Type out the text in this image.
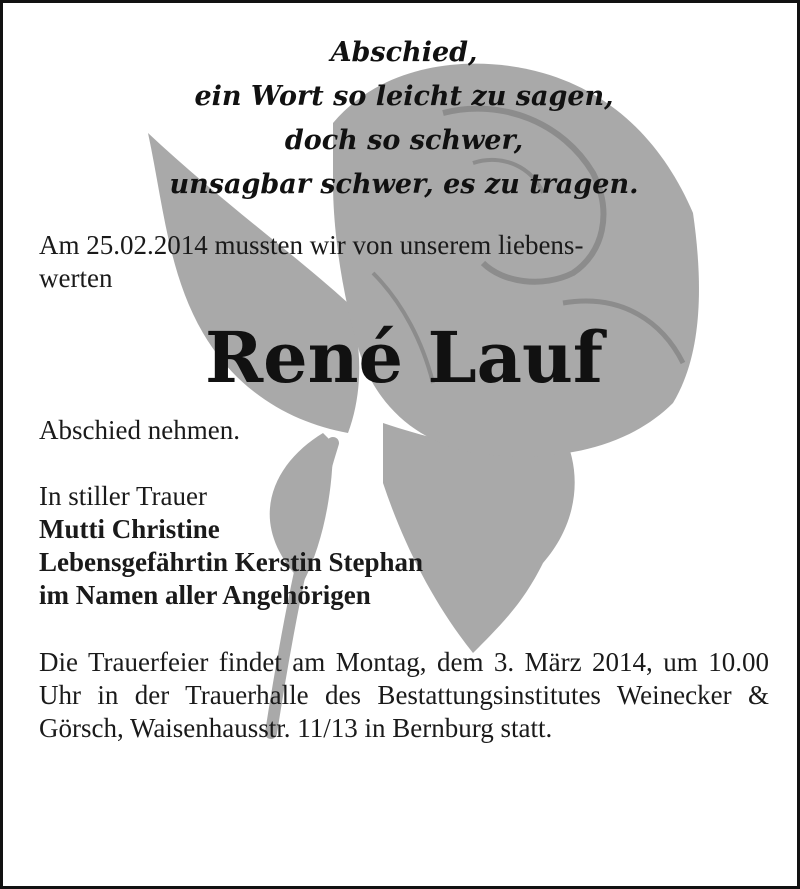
Abschied,
ein Wort so leicht zu sagen,
doch so schwer,
unsagbar schwer, es zu tragen.
Am 25.02.2014 mussten wir von unserem liebens-
werten
René Lauf
Abschied nehmen.
In stiller Trauer
Mutti Christine
Lebensgefährtin Kerstin Stephan
im Namen aller Angehörigen
Die Trauerfeier findet am Montag, dem 3. März 2014, um 10.00 Uhr in der Trauerhalle des Bestattungsinstitutes Weinecker & Görsch, Waisenhausstr. 11/13 in Bernburg statt.
